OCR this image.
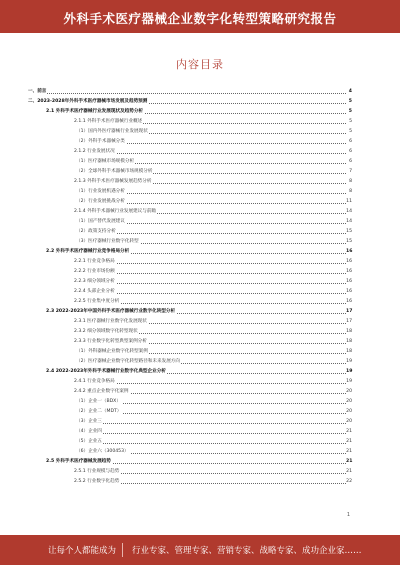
外科手术医疗器械企业数字化转型策略研究报告
内容目录
一、前言	4
二、2023-2028年外科手术医疗器械市场发展及趋势预测	5
2.1 外科手术医疗器械行业发展现状及趋势分析	5
2.1.1 外科手术医疗器械行业概述	5
（1）国内外医疗器械行业发展现状	5
（2）外科手术器械分类	6
2.1.2 行业发展状况	6
（1）医疗器械市场规模分析	6
（2）全球外科手术器械市场规模分析	7
2.1.3 外科手术医疗器械发展趋势分析	8
（1）行业发展机遇分析	8
（2）行业发展挑战分析	11
2.1.4 外科手术器械行业发展建议与前瞻	14
（1）国产替代发展建议	14
（2）政策支持分析	15
（3）医疗器械行业数字化转型	15
2.2 外科手术医疗器械行业竞争格局分析	16
2.2.1 行业竞争格局	16
2.2.2 行业市场份额	16
2.2.3 细分领域分析	16
2.2.4 头部企业分析	16
2.2.5 行业集中度分析	16
2.3 2022-2023年中国外科手术医疗器械行业数字化转型分析	17
2.3.1 医疗器械行业数字化发展现状	17
2.3.2 细分领域数字化转型现状	18
2.3.3 行业数字化转型典型案例分析	18
（1）外科器械企业数字化转型案例	18
（2）医疗器械企业数字化转型路径和未来发展方向	19
2.4 2022-2023年外科手术器械行业数字化典型企业分析	19
2.4.1 行业竞争格局	19
2.4.2 重点企业数字化案例	20
（1）企业一（BDX）	20
（2）企业二（MDT）	20
（3）企业三	20
（4）企业四	21
（5）企业五	21
（6）企业六（300453）	21
2.5 外科手术医疗器械发展趋势	21
2.5.1 行业规模与趋势	21
2.5.2 行业数字化趋势	22
1
让每个人都能成为 行业专家、管理专家、营销专家、战略专家、成功企业家……
